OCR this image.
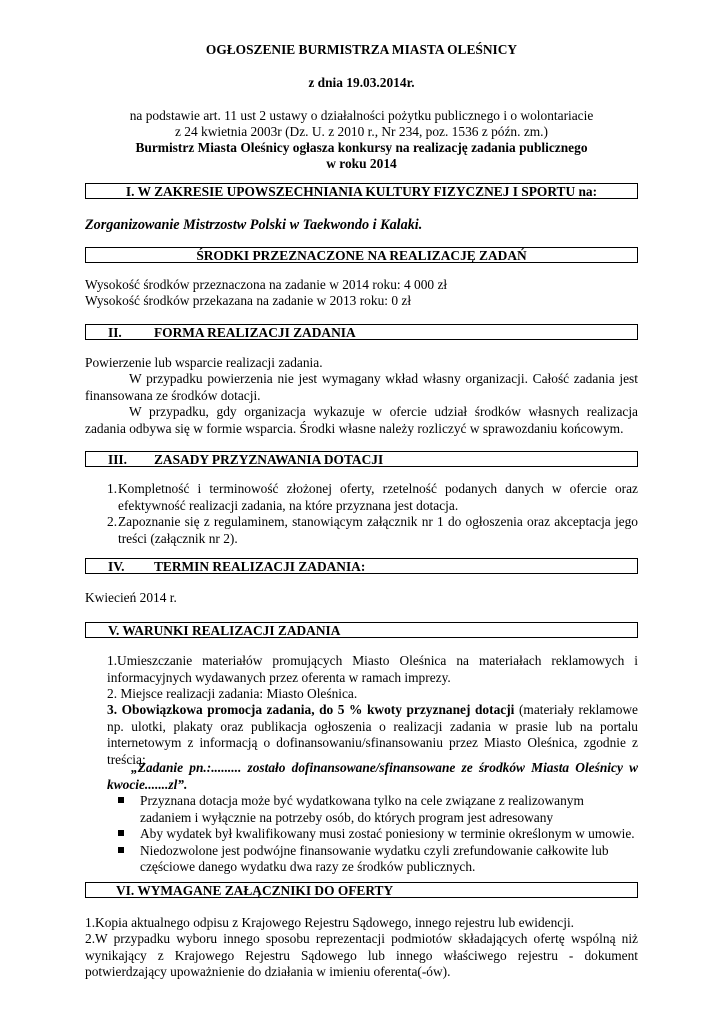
OGŁOSZENIE BURMISTRZA MIASTA OLEŚNICY
z dnia 19.03.2014r.
na podstawie art. 11 ust 2 ustawy o działalności pożytku publicznego i o wolontariacie
z 24 kwietnia 2003r (Dz. U. z 2010 r., Nr 234, poz. 1536 z późn. zm.)
Burmistrz Miasta Oleśnicy ogłasza konkursy na realizację zadania publicznego
w roku 2014
I. W ZAKRESIE UPOWSZECHNIANIA KULTURY FIZYCZNEJ I SPORTU na:
Zorganizowanie Mistrzostw Polski w Taekwondo i Kalaki.
ŚRODKI PRZEZNACZONE NA REALIZACJĘ ZADAŃ
Wysokość środków przeznaczona na zadanie w 2014 roku: 4 000 zł
Wysokość środków przekazana na zadanie w 2013 roku: 0 zł
II. FORMA REALIZACJI ZADANIA
Powierzenie lub wsparcie realizacji zadania.
W przypadku powierzenia nie jest wymagany wkład własny organizacji. Całość zadania jest finansowana ze środków dotacji.
W przypadku, gdy organizacja wykazuje w ofercie udział środków własnych realizacja zadania odbywa się w formie wsparcia. Środki własne należy rozliczyć w sprawozdaniu końcowym.
III. ZASADY PRZYZNAWANIA DOTACJI
1. Kompletność i terminowość złożonej oferty, rzetelność podanych danych w ofercie oraz efektywność realizacji zadania, na które przyznana jest dotacja.
2. Zapoznanie się z regulaminem, stanowiącym załącznik nr 1 do ogłoszenia oraz akceptacja jego treści (załącznik nr 2).
IV. TERMIN REALIZACJI ZADANIA:
Kwiecień 2014 r.
V. WARUNKI REALIZACJI ZADANIA
1.Umieszczanie materiałów promujących Miasto Oleśnica na materiałach reklamowych i informacyjnych wydawanych przez oferenta w ramach imprezy.
2. Miejsce realizacji zadania: Miasto Oleśnica.
3. Obowiązkowa promocja zadania, do 5 % kwoty przyznanej dotacji (materiały reklamowe np. ulotki, plakaty oraz publikacja ogłoszenia o realizacji zadania w prasie lub na portalu internetowym z informacją o dofinansowaniu/sfinansowaniu przez Miasto Oleśnica, zgodnie z treścią:
„Zadanie pn.:......... zostało dofinansowane/sfinansowane ze środków Miasta Oleśnicy w kwocie.......zl”.
Przyznana dotacja może być wydatkowana tylko na cele związane z realizowanym zadaniem i wyłącznie na potrzeby osób, do których program jest adresowany
Aby wydatek był kwalifikowany musi zostać poniesiony w terminie określonym w umowie.
Niedozwolone jest podwójne finansowanie wydatku czyli zrefundowanie całkowite lub częściowe danego wydatku dwa razy ze środków publicznych.
VI. WYMAGANE ZAŁĄCZNIKI DO OFERTY
1.Kopia aktualnego odpisu z Krajowego Rejestru Sądowego, innego rejestru lub ewidencji.
2.W przypadku wyboru innego sposobu reprezentacji podmiotów składających ofertę wspólną niż wynikający z Krajowego Rejestru Sądowego lub innego właściwego rejestru - dokument potwierdzający upoważnienie do działania w imieniu oferenta(-ów).
